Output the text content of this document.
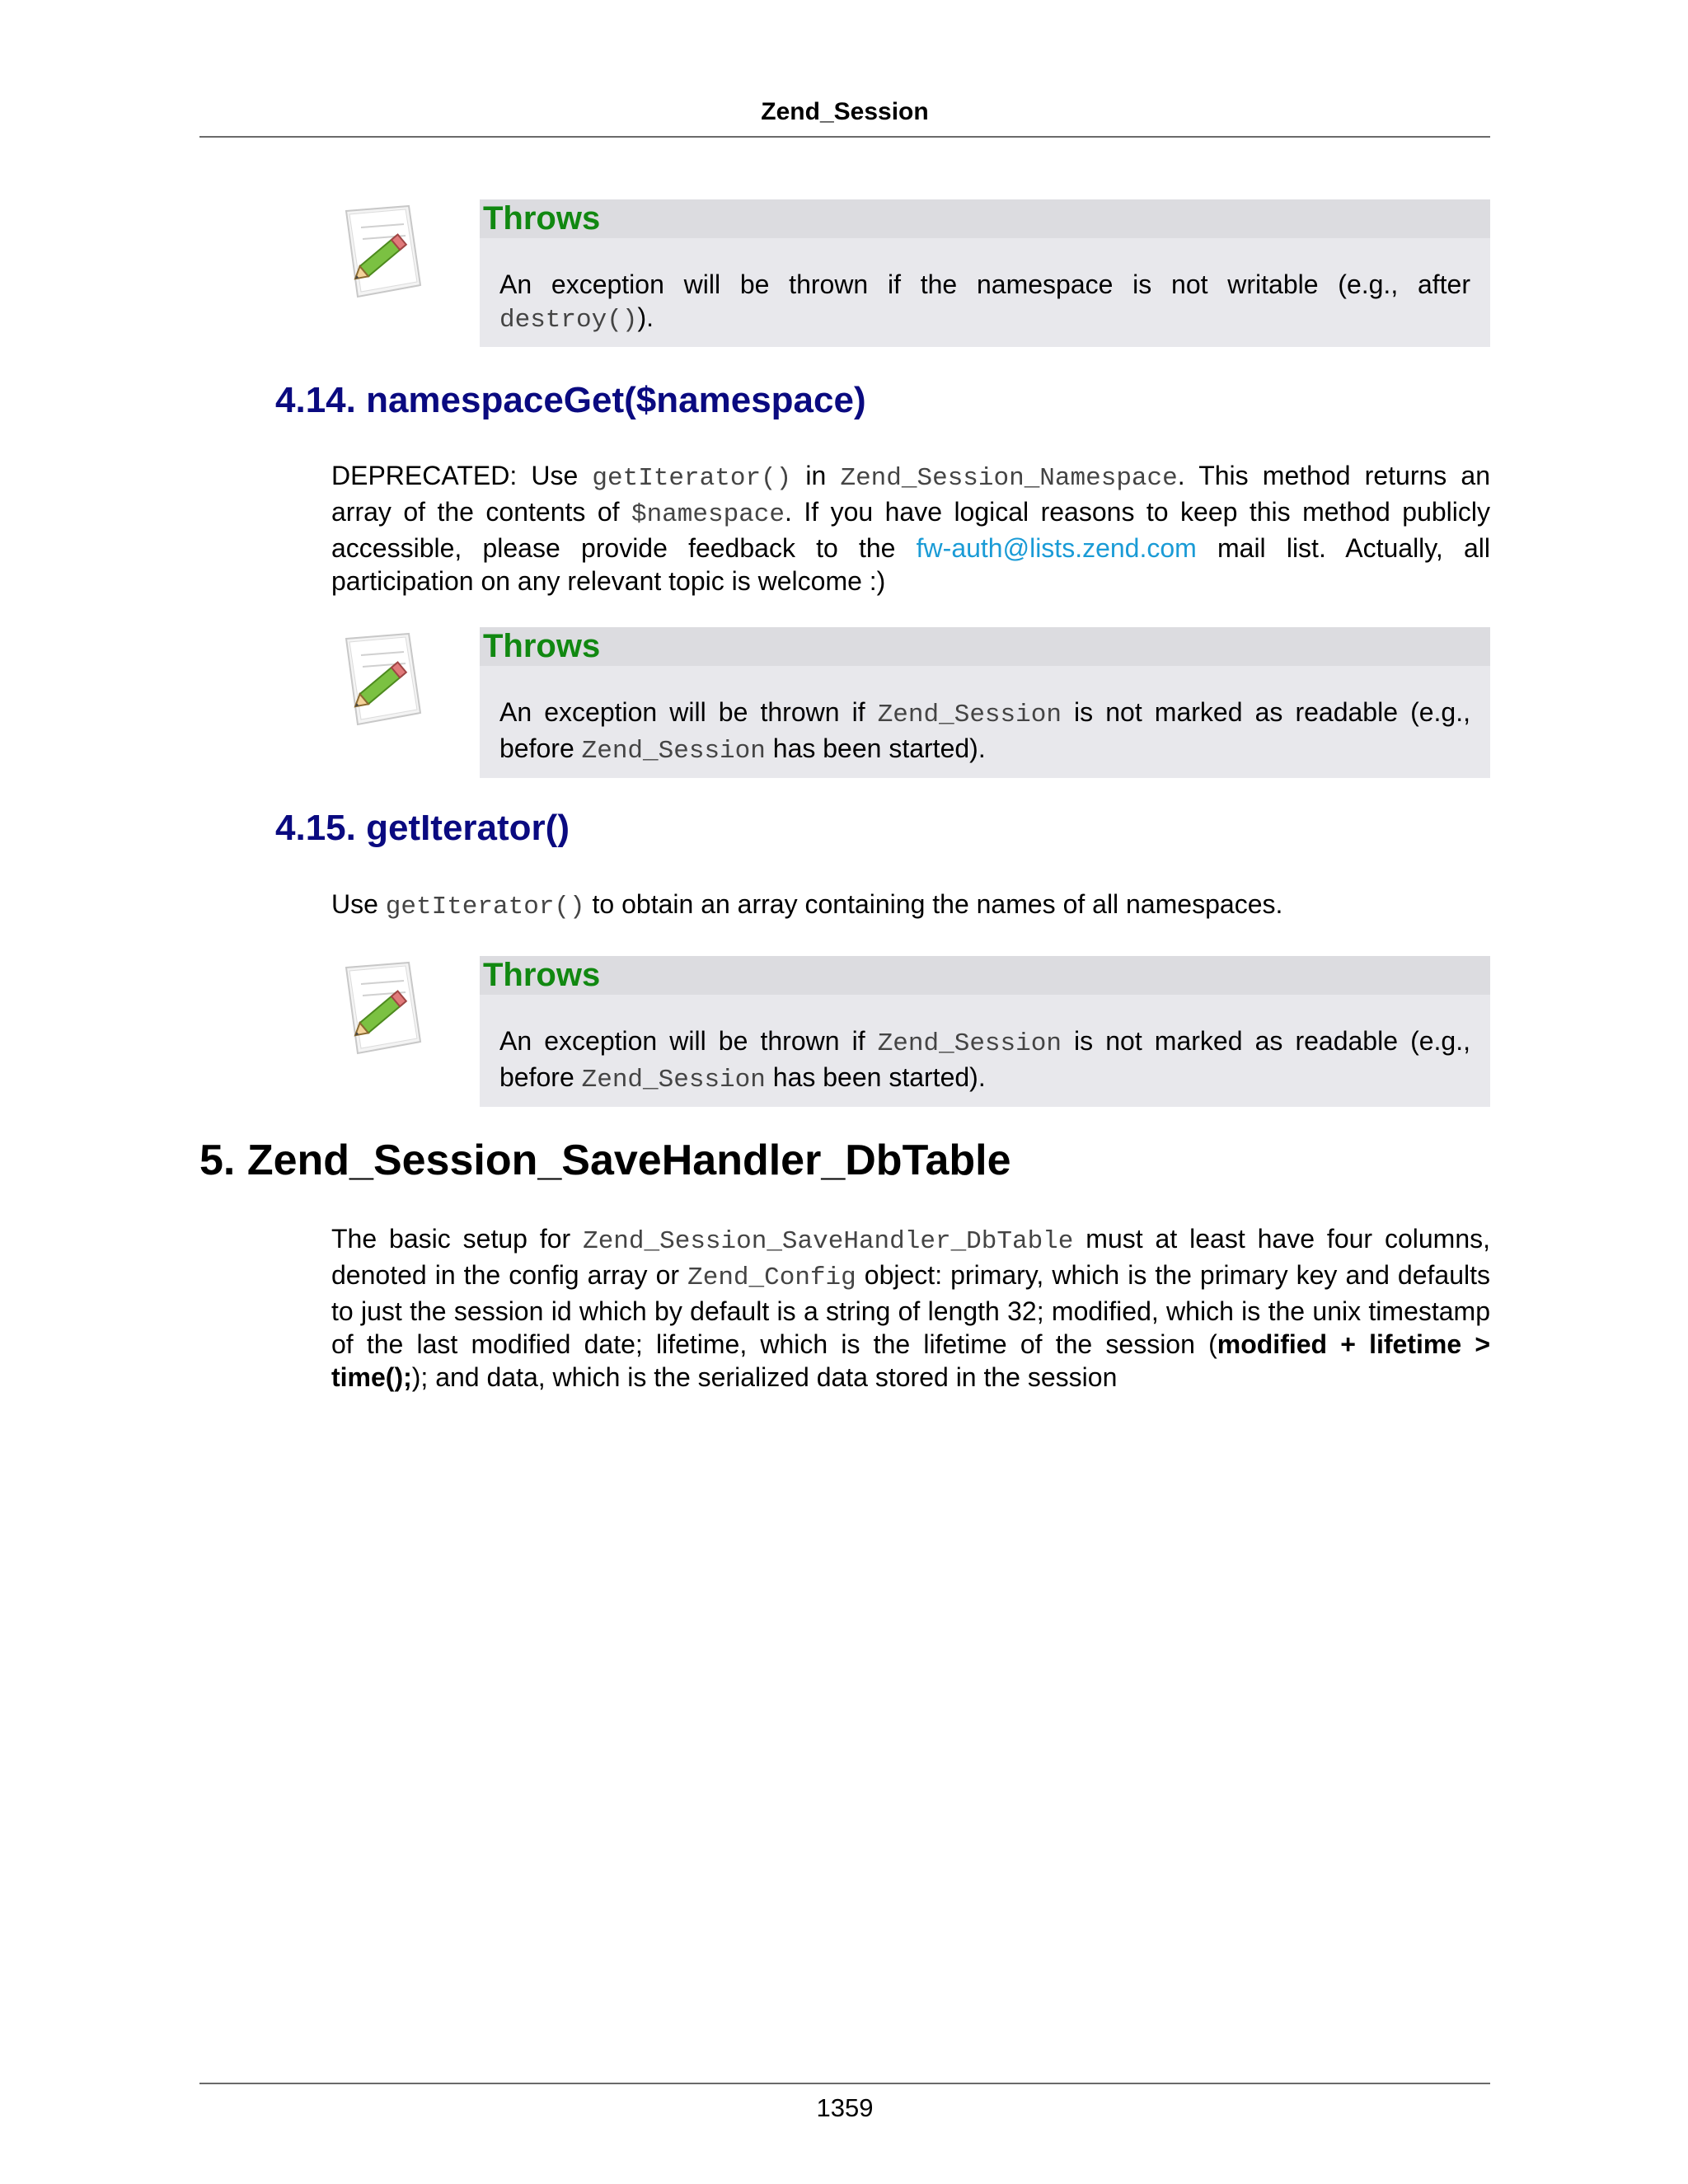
Zend_Session
Throws
An exception will be thrown if the namespace is not writable (e.g., after destroy()).
4.14. namespaceGet($namespace)

DEPRECATED: Use getIterator() in Zend_Session_Namespace. This method returns an array of the contents of $namespace. If you have logical reasons to keep this method publicly accessible, please provide feedback to the fw-auth@lists.zend.com mail list. Actually, all participation on any relevant topic is welcome :)

Throws
An exception will be thrown if Zend_Session is not marked as readable (e.g., before Zend_Session has been started).
4.15. getIterator()

Use getIterator() to obtain an array containing the names of all namespaces.

Throws
An exception will be thrown if Zend_Session is not marked as readable (e.g., before Zend_Session has been started).
5. Zend_Session_SaveHandler_DbTable

The basic setup for Zend_Session_SaveHandler_DbTable must at least have four columns, denoted in the config array or Zend_Config object: primary, which is the primary key and defaults to just the session id which by default is a string of length 32; modified, which is the unix timestamp of the last modified date; lifetime, which is the lifetime of the session (modified + lifetime > time();); and data, which is the serialized data stored in the session

1359
